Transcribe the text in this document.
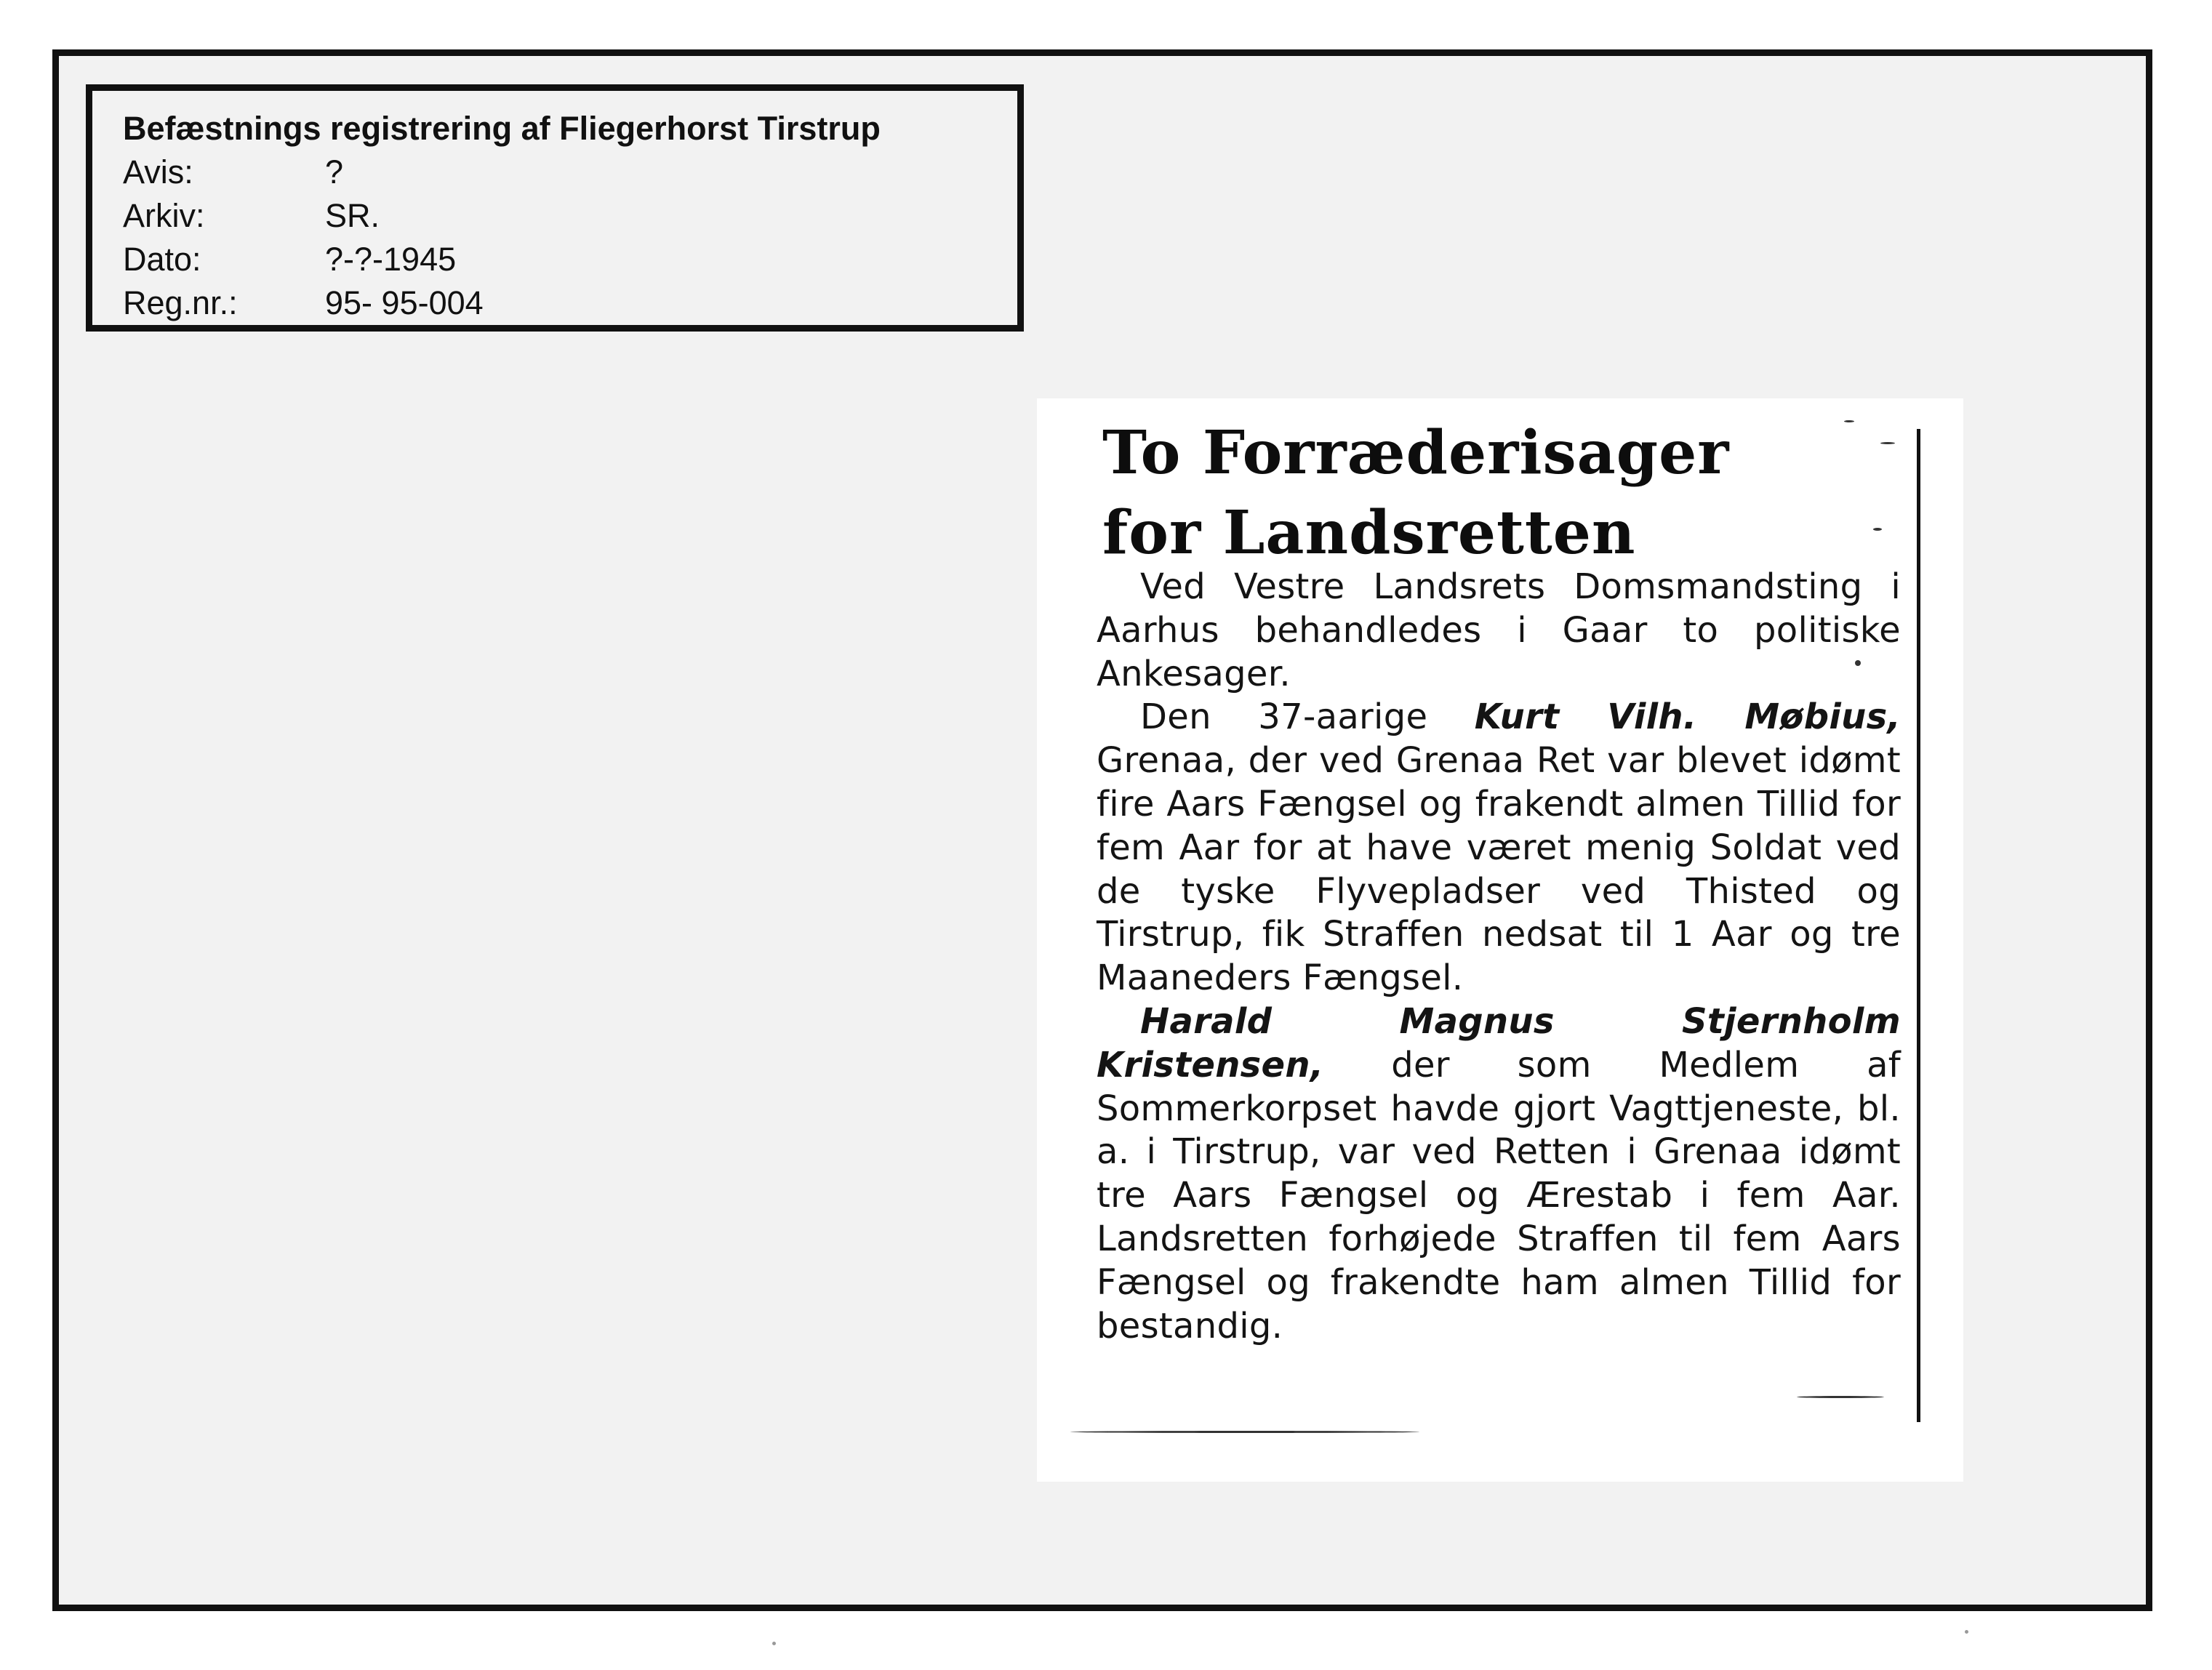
Befæstnings registrering af Fliegerhorst Tirstrup
Avis:	?
Arkiv:	SR.
Dato:	?-?-1945
Reg.nr.:	95- 95-004
To Forræderisager
for Landsretten

Ved Vestre Landsrets Domsmandsting i Aarhus behandledes i Gaar to politiske Ankesager.

Den 37-aarige Kurt Vilh. Møbius, Grenaa, der ved Grenaa Ret var blevet idømt fire Aars Fængsel og frakendt almen Tillid for fem Aar for at have været menig Soldat ved de tyske Flyvepladser ved Thisted og Tirstrup, fik Straffen nedsat til 1 Aar og tre Maaneders Fængsel.

Harald Magnus Stjernholm Kristensen, der som Medlem af Sommerkorpset havde gjort Vagttjeneste, bl. a. i Tirstrup, var ved Retten i Grenaa idømt tre Aars Fængsel og Ærestab i fem Aar. Landsretten forhøjede Straffen til fem Aars Fængsel og frakendte ham almen Tillid for bestandig.
